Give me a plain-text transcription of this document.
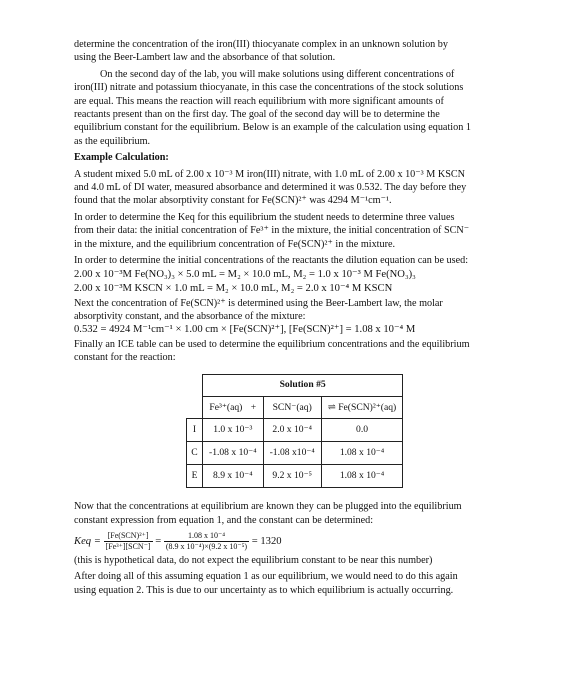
determine the concentration of the iron(III) thiocyanate complex in an unknown solution by

using the Beer-Lambert law and the absorbance of that solution.

On the second day of the lab, you will make solutions using different concentrations of

iron(III) nitrate and potassium thiocyanate, in this case the concentrations of the stock solutions

are equal. This means the reaction will reach equilibrium with more significant amounts of

reactants present than on the first day. The goal of the second day will be to determine the

equilibrium constant for the equilibrium. Below is an example of the calculation using equation 1

as the equilibrium.

Example Calculation:

A student mixed 5.0 mL of 2.00 x 10⁻³ M iron(III) nitrate, with 1.0 mL of 2.00 x 10⁻³ M KSCN

and 4.0 mL of DI water, measured absorbance and determined it was 0.532. The day before they

found that the molar absorptivity constant for Fe(SCN)²⁺ was 4294 M⁻¹cm⁻¹.

In order to determine the Keq for this equilibrium the student needs to determine three values

from their data: the initial concentration of Fe³⁺ in the mixture, the initial concentration of SCN⁻

in the mixture, and the equilibrium concentration of Fe(SCN)²⁺ in the mixture.

In order to determine the initial concentrations of the reactants the dilution equation can be used:

2.00 x 10⁻³M Fe(NO₃)₃ × 5.0 mL = M₂ × 10.0 mL, M₂ = 1.0 x 10⁻³ M Fe(NO₃)₃

2.00 x 10⁻³M KSCN × 1.0 mL = M₂ × 10.0 mL, M₂ = 2.0 x 10⁻⁴ M KSCN

Next the concentration of Fe(SCN)²⁺ is determined using the Beer-Lambert law, the molar

absorptivity constant, and the absorbance of the mixture:

0.532 = 4924 M⁻¹cm⁻¹ × 1.00 cm × [Fe(SCN)²⁺], [Fe(SCN)²⁺] = 1.08 x 10⁻⁴ M

Finally an ICE table can be used to determine the equilibrium concentrations and the equilibrium

constant for the reaction:

	Solution #5		
	Fe³⁺(aq) +	SCN⁻(aq)	⇌ Fe(SCN)²⁺(aq)
I	1.0 x 10⁻³	2.0 x 10⁻⁴	0.0
C	-1.08 x 10⁻⁴	-1.08 x10⁻⁴	1.08 x 10⁻⁴
E	8.9 x 10⁻⁴	9.2 x 10⁻⁵	1.08 x 10⁻⁴

Now that the concentrations at equilibrium are known they can be plugged into the equilibrium

constant expression from equation 1, and the constant can be determined:

Keq = $\frac{\text{[Fe(SCN)²⁺]}}{\text{[Fe³⁺][SCN⁻]}} = \frac{\text{1.08 x 10⁻⁴}}{\text{(8.9 x 10⁻⁴)×(9.2 x 10⁻⁵)}} = 1320$

(this is hypothetical data, do not expect the equilibrium constant to be near this number)

After doing all of this assuming equation 1 as our equilibrium, we would need to do this again

using equation 2. This is due to our uncertainty as to which equilibrium is actually occurring.
